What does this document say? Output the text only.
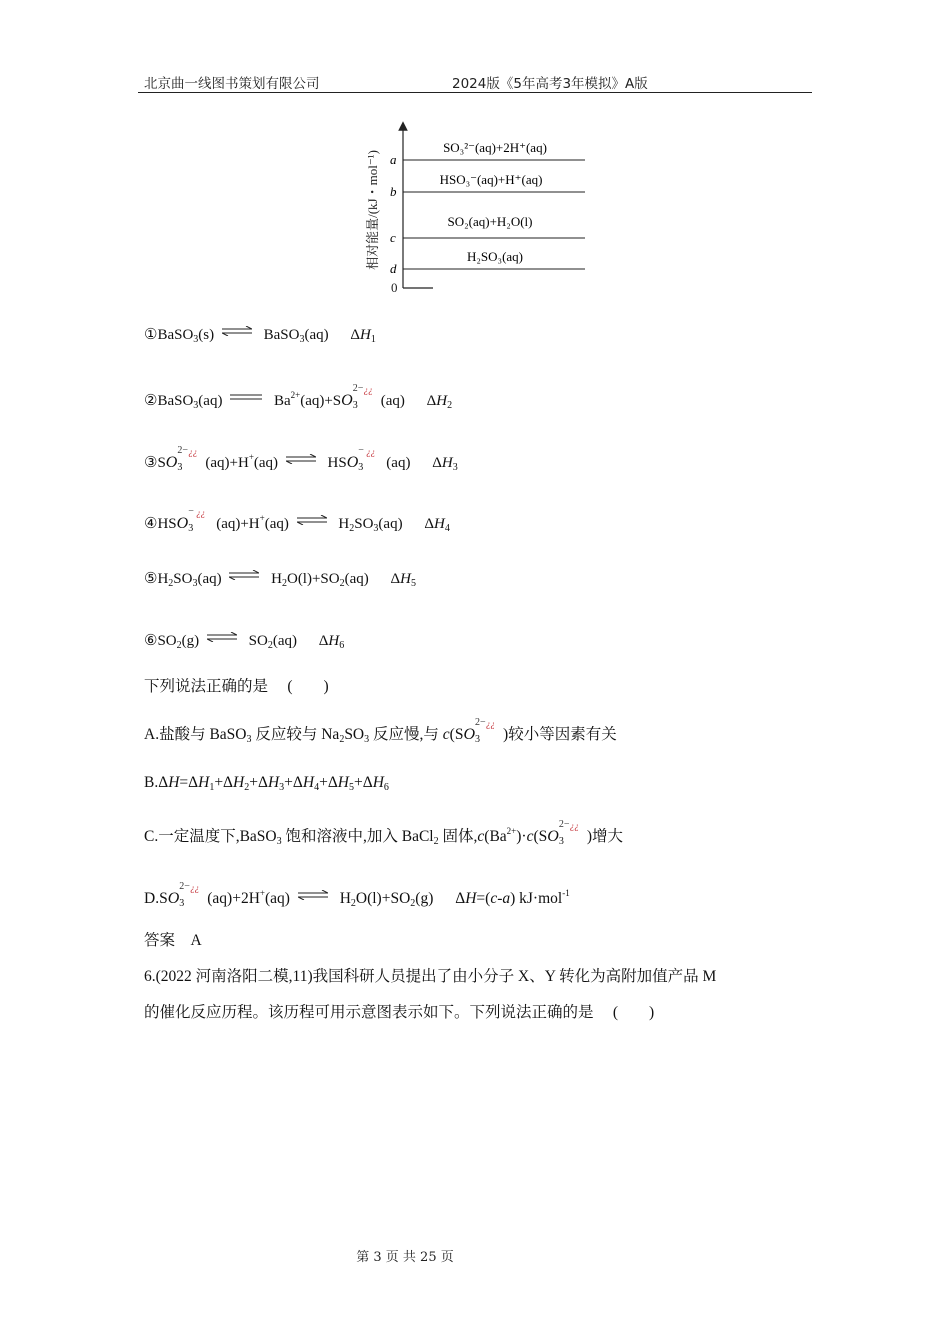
北京曲一线图书策划有限公司	2024版《5年高考3年模拟》A版
相对能量/(kJ・mol⁻¹)
0
a
SO₃²⁻(aq)+2H⁺(aq)
b
HSO₃⁻(aq)+H⁺(aq)
c
SO₂(aq)+H₂O(l)
d
H₂SO₃(aq)
①BaSO$_3$(s) ⇌ BaSO$_3$(aq) $\Delta H_1$
②BaSO$_3$(aq)	$Ba^{2+}(aq)+SO$
2− ¿¿
3 (aq) $\Delta H_2$
③SO
2− ¿¿
3 (aq)+H+(aq) ⇌ HSO
− ¿¿
3 (aq) $\Delta H_3$
④HSO
− ¿¿
3 (aq)+H+(aq) ⇌ $H_2SO_3(aq)$ $\Delta H_4$
$⑤H_2SO_3(aq)$ ⇌ $H_2O(l)+SO_2(aq)$ $\Delta H_5$
$⑥SO_2(g)$ ⇌ $SO_2(aq)$ $\Delta H_6$
下列说法正确的是　 (　　)
A.盐酸与 BaSO$_3$ 反应较与 $Na_2SO_3$ 反应慢,与 c(SO
2− ¿¿
3 )较小等因素有关
$B.\Delta H=\Delta H_1+\Delta H_2+\Delta H_3+\Delta H_4+\Delta H_5+\Delta H_6$
C.一定温度下,BaSO$_3$ 饱和溶液中,加入 BaCl$_2$ 固体$,c(Ba^{2+})\cdot c(SO$
2− ¿¿
3 )增大
D.SO
2− ¿¿
3 (aq)+2H+(aq) ⇌ $H_2O(l)+SO_2(g)$ ΔH=(c-a) kJ·mol$^{-1}$
答案　A
6.(2022 河南洛阳二模,11)我国科研人员提出了由小分子 X、Y 转化为高附加值产品 M
的催化反应历程。该历程可用示意图表示如下。下列说法正确的是　 (　　)
第 3 页 共 25 页
